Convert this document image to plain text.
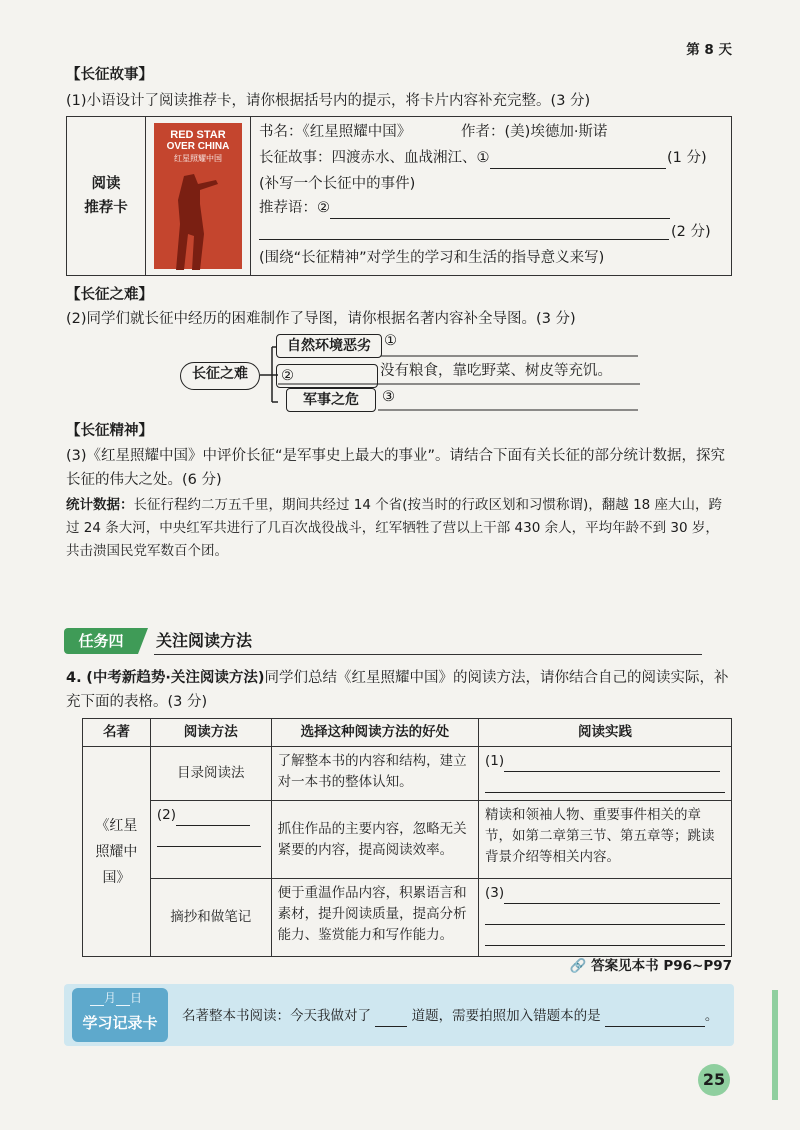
第 8 天
【长征故事】
(1)小语设计了阅读推荐卡，请你根据括号内的提示，将卡片内容补充完整。(3 分)
阅读
推荐卡	
RED STAR
OVER CHINA
红星照耀中国

书名：《红星照耀中国》	作者：(美)埃德加·斯诺
长征故事：四渡赤水、血战湘江、①	(1 分)
(补写一个长征中的事件)
推荐语：②
(2 分)
(围绕“长征精神”对学生的学习和生活的指导意义来写)
【长征之难】
(2)同学们就长征中经历的困难制作了导图，请你根据名著内容补全导图。(3 分)
长征之难
自然环境恶劣 ①
②	没有粮食，靠吃野菜、树皮等充饥。
军事之危	③
【长征精神】
(3)《红星照耀中国》中评价长征“是军事史上最大的事业”。请结合下面有关长征的部分统计数据，探究长征的伟大之处。(6 分)
统计数据：长征行程约二万五千里，期间共经过 14 个省(按当时的行政区划和习惯称谓)，翻越 18 座大山，跨过 24 条大河，中央红军共进行了几百次战役战斗，红军牺牲了营以上干部 430 余人，平均年龄不到 30 岁，共击溃国民党军数百个团。
任务四	关注阅读方法
4. (中考新趋势·关注阅读方法)同学们总结《红星照耀中国》的阅读方法，请你结合自己的阅读实际，补充下面的表格。(3 分)
名著	阅读方法	选择这种阅读方法的好处	阅读实践
《红星照耀中国》	目录阅读法	了解整本书的内容和结构，建立对一本书的整体认知。	(1)

	(2)	抓住作品的主要内容，忽略无关紧要的内容，提高阅读效率。	精读和领袖人物、重要事件相关的章节，如第二章第三节、第五章等；跳读背景介绍等相关内容。
	摘抄和做笔记	便于重温作品内容，积累语言和素材，提升阅读质量，提高分析能力、鉴赏能力和写作能力。	(3)

🔗 答案见本书 P96~P97
月 日
学习记录卡	名著整本书阅读：今天我做对了	道题，需要拍照加入错题本的是	。
25
